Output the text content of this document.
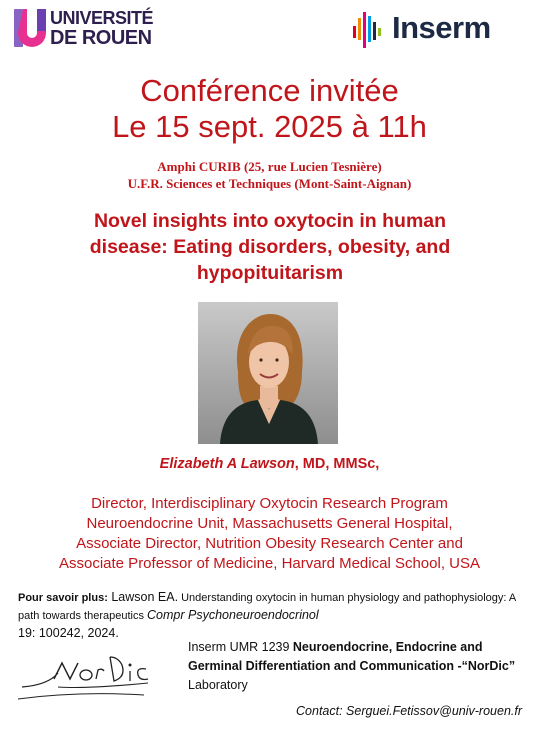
UNIVERSITÉ
DE ROUEN	Inserm
Conférence invitée
Le 15 sept. 2025 à 11h
Amphi CURIB (25, rue Lucien Tesnière)
U.F.R. Sciences et Techniques (Mont-Saint-Aignan)
Novel insights into oxytocin in human
disease: Eating disorders, obesity, and
hypopituitarism
Elizabeth A Lawson, MD, MMSc,
Director, Interdisciplinary Oxytocin Research Program
Neuroendocrine Unit, Massachusetts General Hospital,
Associate Director, Nutrition Obesity Research Center and
Associate Professor of Medicine, Harvard Medical School, USA
Pour savoir plus: Lawson EA. Understanding oxytocin in human physiology and pathophysiology: A path towards therapeutics Compr Psychoneuroendocrinol
19: 100242, 2024.
Inserm UMR 1239 Neuroendocrine, Endocrine and Germinal Differentiation and Communication -“NorDic” Laboratory
Contact: Serguei.Fetissov@univ-rouen.fr
